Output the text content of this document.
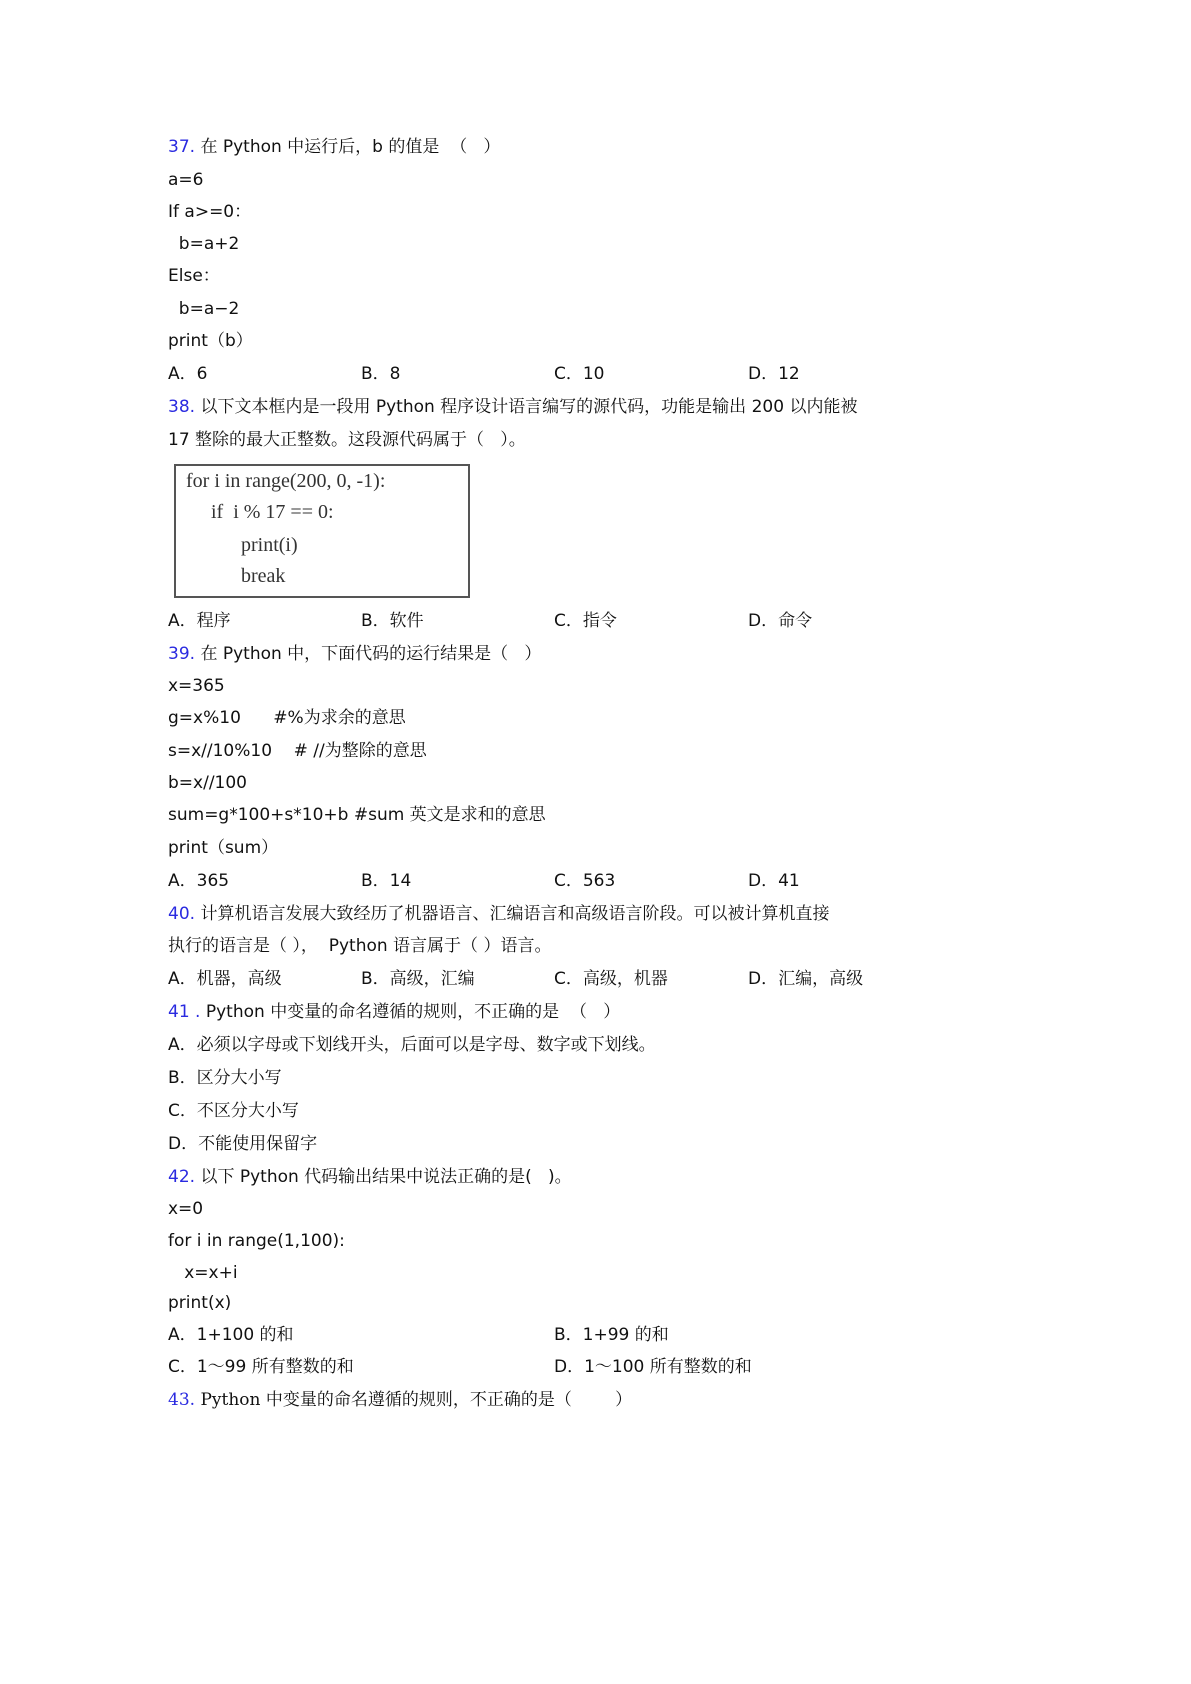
37. 在 Python 中运行后，b 的值是  （   ）
a=6
If a>=0：
b=a+2
Else：
b=a−2
print（b）
A．6	B．8	C．10	D．12
38. 以下文本框内是一段用 Python 程序设计语言编写的源代码，功能是输出 200 以内能被
17 整除的最大正整数。这段源代码属于（   ）。
for i in range(200, 0, -1):
if  i % 17 == 0:
print(i)
break
A．程序	B．软件	C．指令	D．命令
39. 在 Python 中，下面代码的运行结果是（   ）
x=365
g=x%10      #%为求余的意思
s=x//10%10    # //为整除的意思
b=x//100
sum=g*100+s*10+b #sum 英文是求和的意思
print（sum）
A．365	B．14	C．563	D．41
40. 计算机语言发展大致经历了机器语言、汇编语言和高级语言阶段。可以被计算机直接
执行的语言是（ ），  Python 语言属于（ ）语言。
A．机器，高级	B．高级，汇编	C．高级，机器	D．汇编，高级
41 . Python 中变量的命名遵循的规则，不正确的是  （   ）
A．必须以字母或下划线开头，后面可以是字母、数字或下划线。
B．区分大小写
C．不区分大小写
D．不能使用保留字
42. 以下 Python 代码输出结果中说法正确的是(   )。
x=0
for i in range(1,100):
x=x+i
print(x)
A．1+100 的和	B．1+99 的和
C．1～99 所有整数的和	D．1～100 所有整数的和
43. Python 中变量的命名遵循的规则，不正确的是（        ）
